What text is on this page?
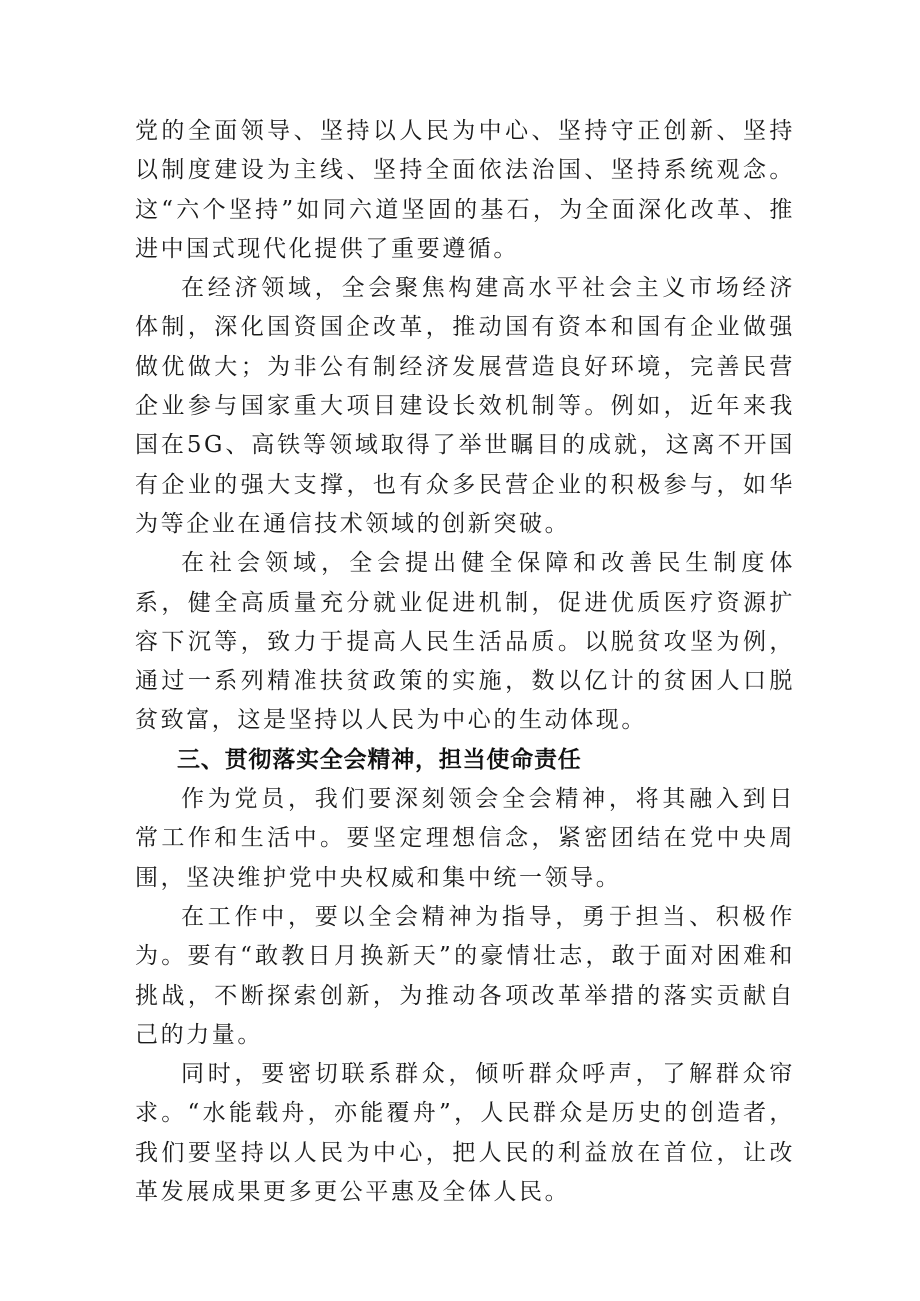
党的全面领导、坚持以人民为中心、坚持守正创新、坚持以制度建设为主线、坚持全面依法治国、坚持系统观念。这“六个坚持”如同六道坚固的基石，为全面深化改革、推进中国式现代化提供了重要遵循。

在经济领域，全会聚焦构建高水平社会主义市场经济体制，深化国资国企改革，推动国有资本和国有企业做强做优做大；为非公有制经济发展营造良好环境，完善民营企业参与国家重大项目建设长效机制等。例如，近年来我国在5G、高铁等领域取得了举世瞩目的成就，这离不开国有企业的强大支撑，也有众多民营企业的积极参与，如华为等企业在通信技术领域的创新突破。

在社会领域，全会提出健全保障和改善民生制度体系，健全高质量充分就业促进机制，促进优质医疗资源扩容下沉等，致力于提高人民生活品质。以脱贫攻坚为例，通过一系列精准扶贫政策的实施，数以亿计的贫困人口脱贫致富，这是坚持以人民为中心的生动体现。

三、贯彻落实全会精神，担当使命责任

作为党员，我们要深刻领会全会精神，将其融入到日常工作和生活中。要坚定理想信念，紧密团结在党中央周围，坚决维护党中央权威和集中统一领导。

在工作中，要以全会精神为指导，勇于担当、积极作为。要有“敢教日月换新天”的豪情壮志，敢于面对困难和挑战，不断探索创新，为推动各项改革举措的落实贡献自己的力量。

同时，要密切联系群众，倾听群众呼声，了解群众帘求。“水能载舟，亦能覆舟”，人民群众是历史的创造者，我们要坚持以人民为中心，把人民的利益放在首位，让改革发展成果更多更公平惠及全体人民。
